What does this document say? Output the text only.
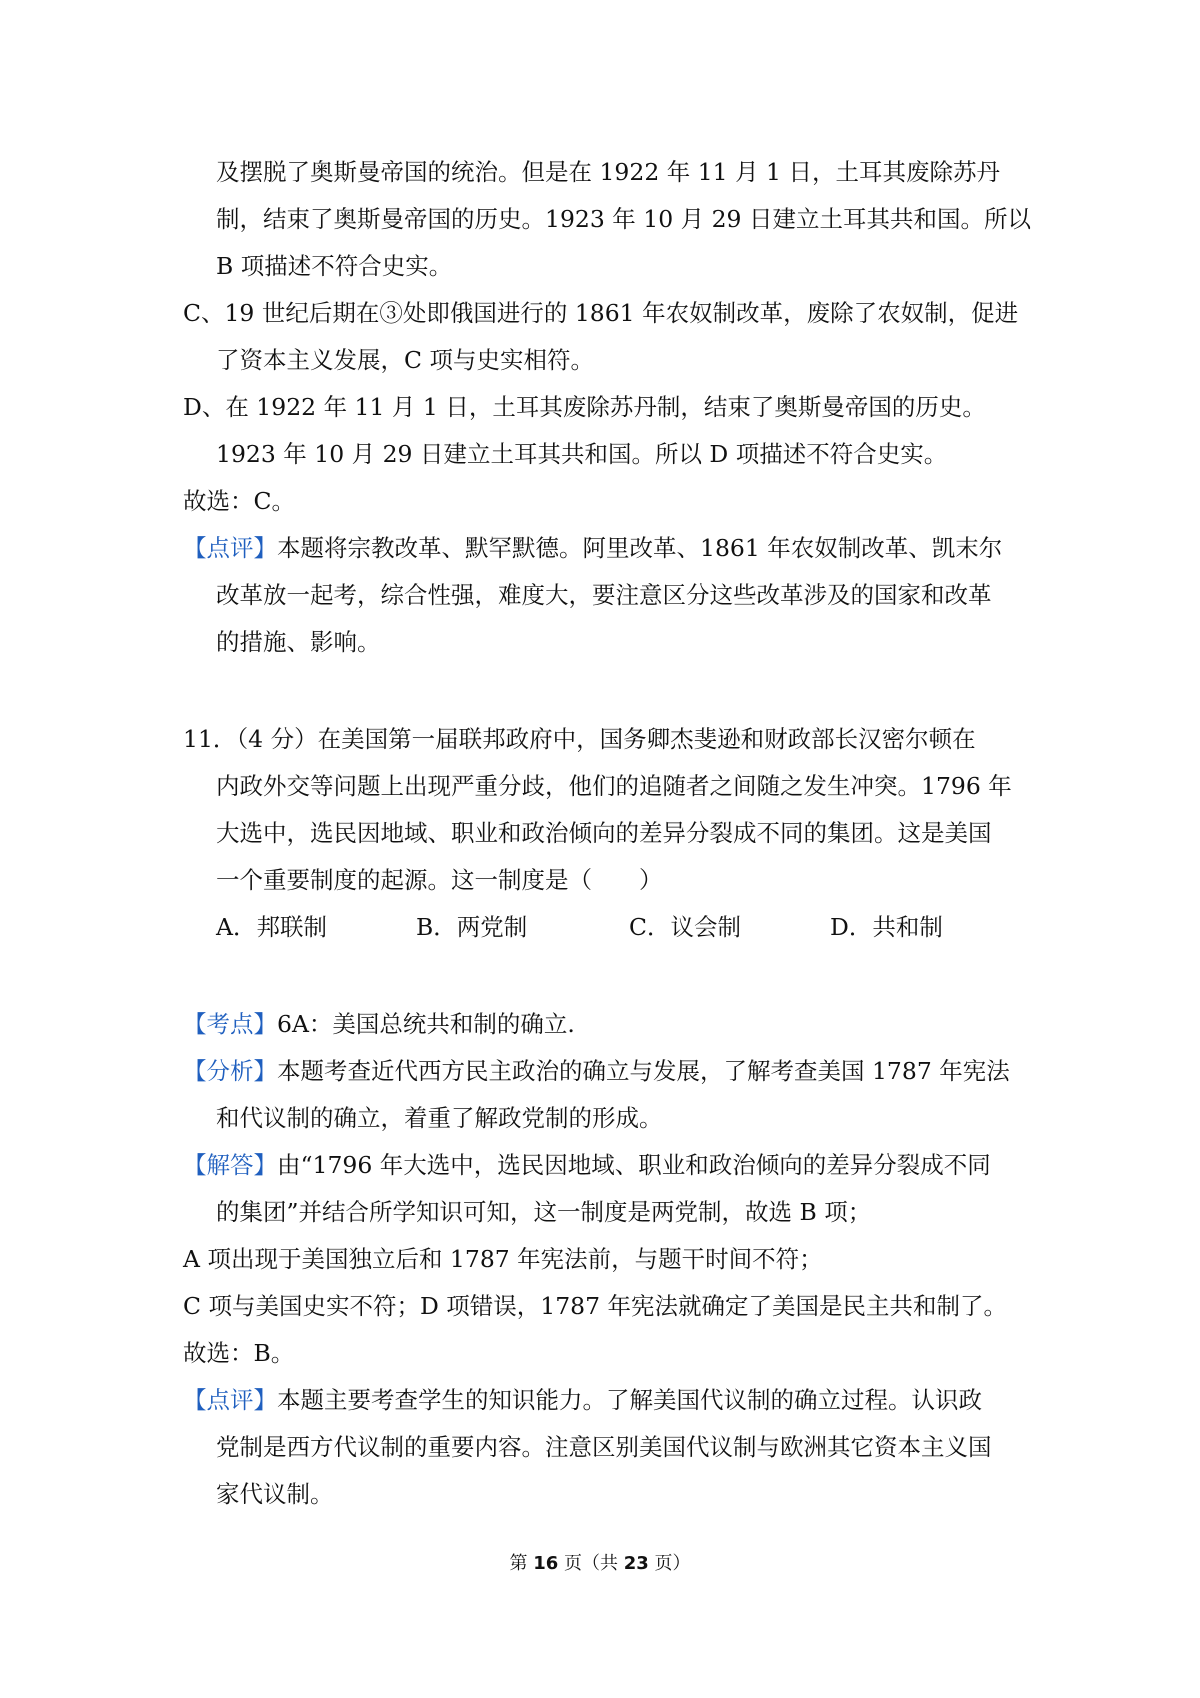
及摆脱了奥斯曼帝国的统治。但是在 1922 年 11 月 1 日，土耳其废除苏丹
制，结束了奥斯曼帝国的历史。1923 年 10 月 29 日建立土耳其共和国。所以
B 项描述不符合史实。
C、19 世纪后期在③处即俄国进行的 1861 年农奴制改革，废除了农奴制，促进
了资本主义发展，C 项与史实相符。
D、在 1922 年 11 月 1 日，土耳其废除苏丹制，结束了奥斯曼帝国的历史。
1923 年 10 月 29 日建立土耳其共和国。所以 D 项描述不符合史实。
故选：C。
【点评】本题将宗教改革、默罕默德。阿里改革、1861 年农奴制改革、凯末尔
改革放一起考，综合性强，难度大，要注意区分这些改革涉及的国家和改革
的措施、影响。
11．（4 分）在美国第一届联邦政府中，国务卿杰斐逊和财政部长汉密尔顿在
内政外交等问题上出现严重分歧，他们的追随者之间随之发生冲突。1796 年
大选中，选民因地域、职业和政治倾向的差异分裂成不同的集团。这是美国
一个重要制度的起源。这一制度是（　　）
A．邦联制	B．两党制	C．议会制	D．共和制
【考点】6A：美国总统共和制的确立.
【分析】本题考查近代西方民主政治的确立与发展，了解考查美国 1787 年宪法
和代议制的确立，着重了解政党制的形成。
【解答】由“1796 年大选中，选民因地域、职业和政治倾向的差异分裂成不同
的集团”并结合所学知识可知，这一制度是两党制，故选 B 项；
A 项出现于美国独立后和 1787 年宪法前，与题干时间不符；
C 项与美国史实不符；D 项错误，1787 年宪法就确定了美国是民主共和制了。
故选：B。
【点评】本题主要考查学生的知识能力。了解美国代议制的确立过程。认识政
党制是西方代议制的重要内容。注意区别美国代议制与欧洲其它资本主义国
家代议制。
第 16 页（共 23 页）
